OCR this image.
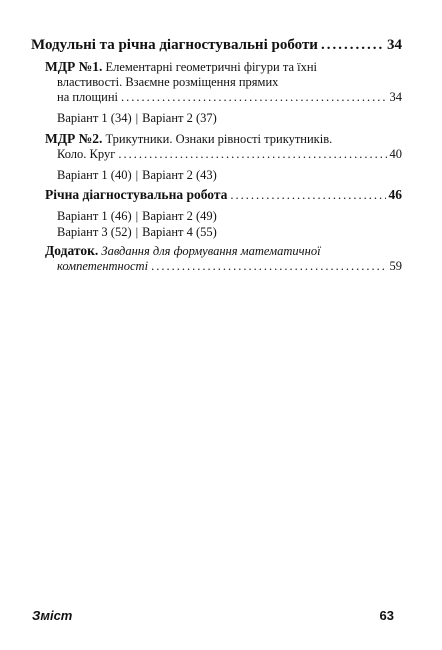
Модульні та річна діагностувальні роботи .....	34
МДР №1. Елементарні геометричні фігури та їхні
властивості. Взаємне розміщення прямих
на площині .....	34
Варіант 1 (34) | Варіант 2 (37)
МДР №2. Трикутники. Ознаки рівності трикутників.
Коло. Круг .....	40
Варіант 1 (40) | Варіант 2 (43)
Річна діагностувальна робота .....	46
Варіант 1 (46) | Варіант 2 (49)
Варіант 3 (52) | Варіант 4 (55)
Додаток. Завдання для формування математичної
компетентності .....	59
Зміст	63
